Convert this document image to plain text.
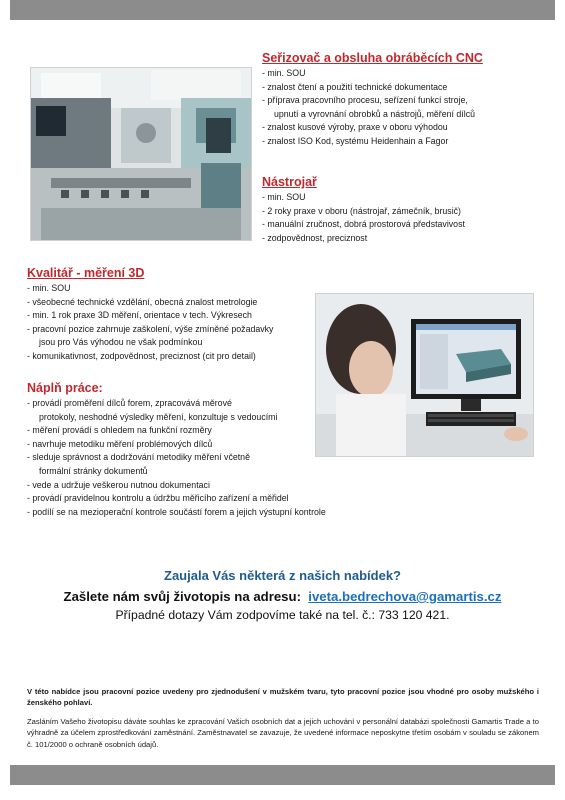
Seřizovač a obsluha obráběcích CNC

- min. SOU
- znalost čtení a použití technické dokumentace
- příprava pracovního procesu, seřízení funkcí stroje,
upnutí a vyrovnání obrobků a nástrojů, měření dílců
- znalost kusové výroby, praxe v oboru výhodou
- znalost ISO Kod, systému Heidenhain a Fagor

Nástrojař

- min. SOU
- 2 roky praxe v oboru (nástrojař, zámečník, brusič)
- manuální zručnost, dobrá prostorová představivost
- zodpovědnost, preciznost

Kvalitář - měření 3D

- min. SOU
- všeobecné technické vzdělání, obecná znalost metrologie
- min. 1 rok praxe 3D měření, orientace v tech. Výkresech
- pracovní pozice zahrnuje zaškolení, výše zmíněné požadavky
jsou pro Vás výhodou ne však podmínkou
- komunikativnost, zodpovědnost, preciznost (cit pro detail)

Náplň práce:

- provádí proměření dílců forem, zpracovává měrové
protokoly, neshodné výsledky měření, konzultuje s vedoucími
- měření provádí s ohledem na funkční rozměry
- navrhuje metodiku měření problémových dílců
- sleduje správnost a dodržování metodiky měření včetně
formální stránky dokumentů
- vede a udržuje veškerou nutnou dokumentaci
- provádí pravidelnou kontrolu a údržbu měřicího zařízení a měřidel
- podílí se na mezioperační kontrole součástí forem a jejich výstupní kontrole

Zaujala Vás některá z našich nabídek?

Zašlete nám svůj životopis na adresu: iveta.bedrechova@gamartis.cz

Případné dotazy Vám zodpovíme také na tel. č.: 733 120 421.

V této nabídce jsou pracovní pozice uvedeny pro zjednodušení v mužském tvaru, tyto pracovní pozice jsou vhodné pro osoby mužského i ženského pohlaví.

Zasláním Vašeho životopisu dáváte souhlas ke zpracování Vašich osobních dat a jejich uchování v personální databázi společnosti Gamartis Trade a to výhradně za účelem zprostředkování zaměstnání. Zaměstnavatel se zavazuje, že uvedené informace neposkytne třetím osobám v souladu se zákonem č. 101/2000 o ochraně osobních údajů.
